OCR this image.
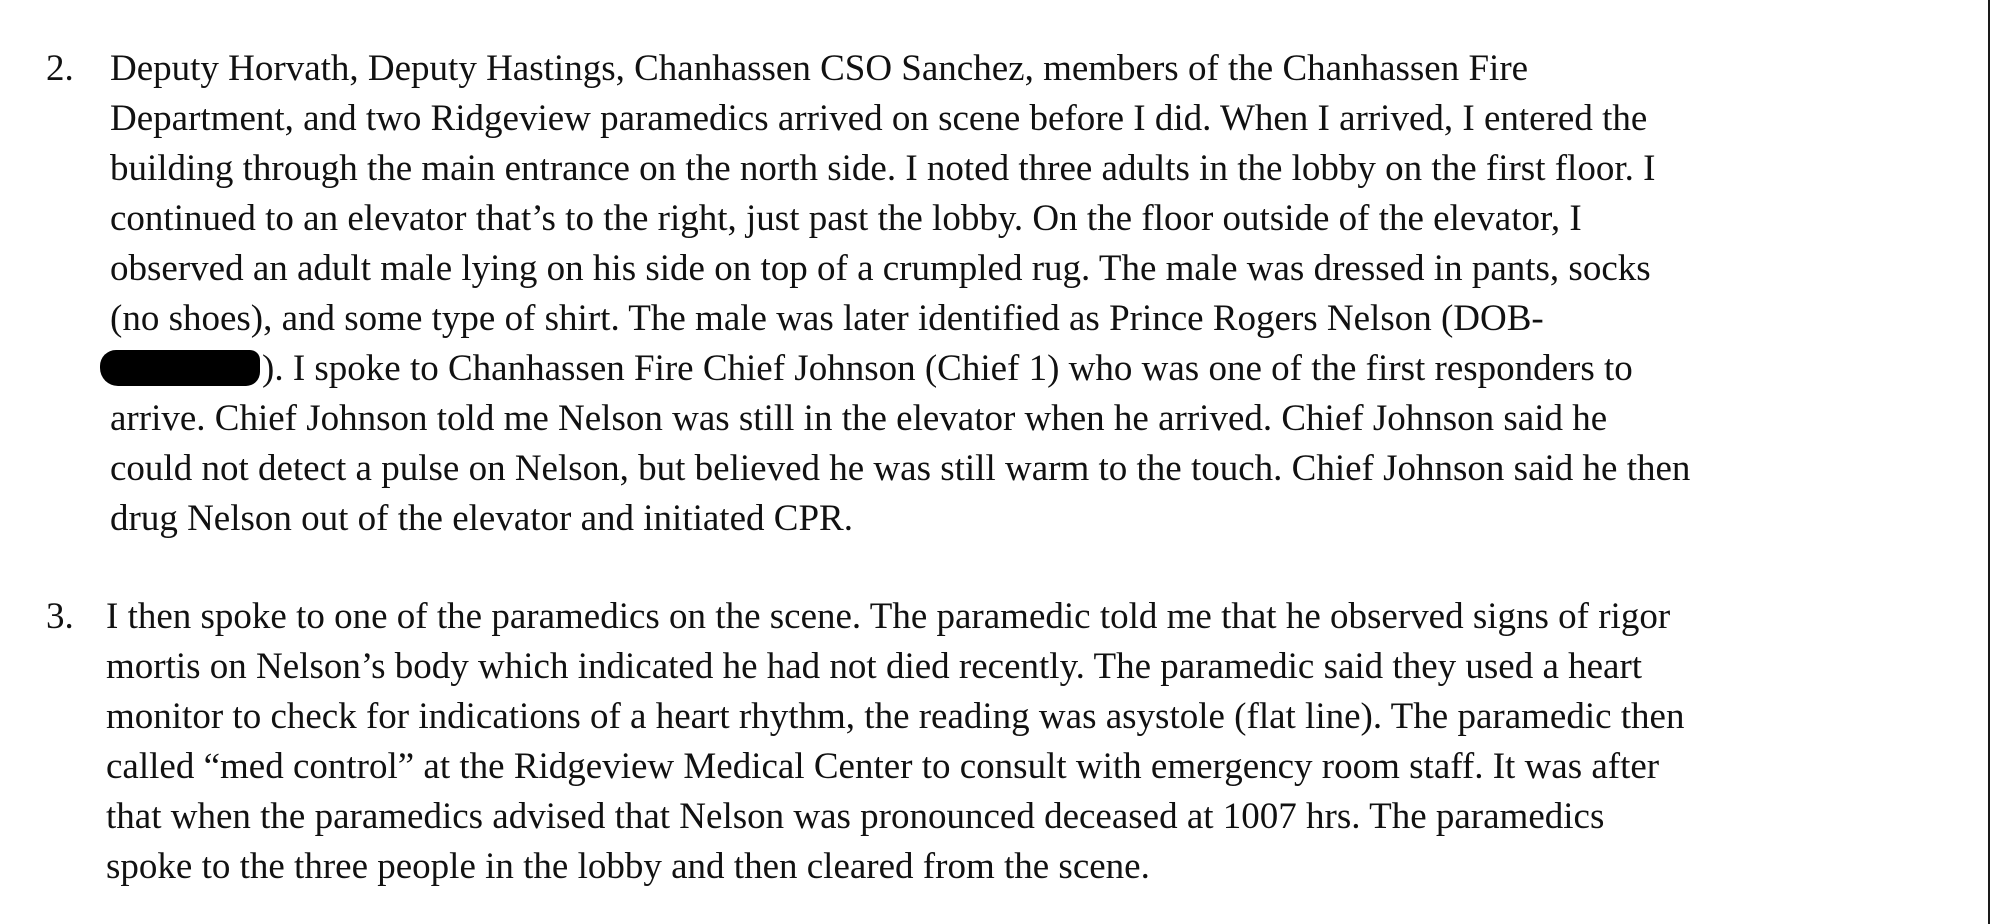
2. Deputy Horvath, Deputy Hastings, Chanhassen CSO Sanchez, members of the Chanhassen Fire
Department, and two Ridgeview paramedics arrived on scene before I did. When I arrived, I entered the
building through the main entrance on the north side. I noted three adults in the lobby on the first floor. I
continued to an elevator that’s to the right, just past the lobby. On the floor outside of the elevator, I
observed an adult male lying on his side on top of a crumpled rug. The male was dressed in pants, socks
(no shoes), and some type of shirt. The male was later identified as Prince Rogers Nelson (DOB-
). I spoke to Chanhassen Fire Chief Johnson (Chief 1) who was one of the first responders to
arrive. Chief Johnson told me Nelson was still in the elevator when he arrived. Chief Johnson said he
could not detect a pulse on Nelson, but believed he was still warm to the touch. Chief Johnson said he then
drug Nelson out of the elevator and initiated CPR.
3. I then spoke to one of the paramedics on the scene. The paramedic told me that he observed signs of rigor
mortis on Nelson’s body which indicated he had not died recently. The paramedic said they used a heart
monitor to check for indications of a heart rhythm, the reading was asystole (flat line). The paramedic then
called “med control” at the Ridgeview Medical Center to consult with emergency room staff. It was after
that when the paramedics advised that Nelson was pronounced deceased at 1007 hrs. The paramedics
spoke to the three people in the lobby and then cleared from the scene.
